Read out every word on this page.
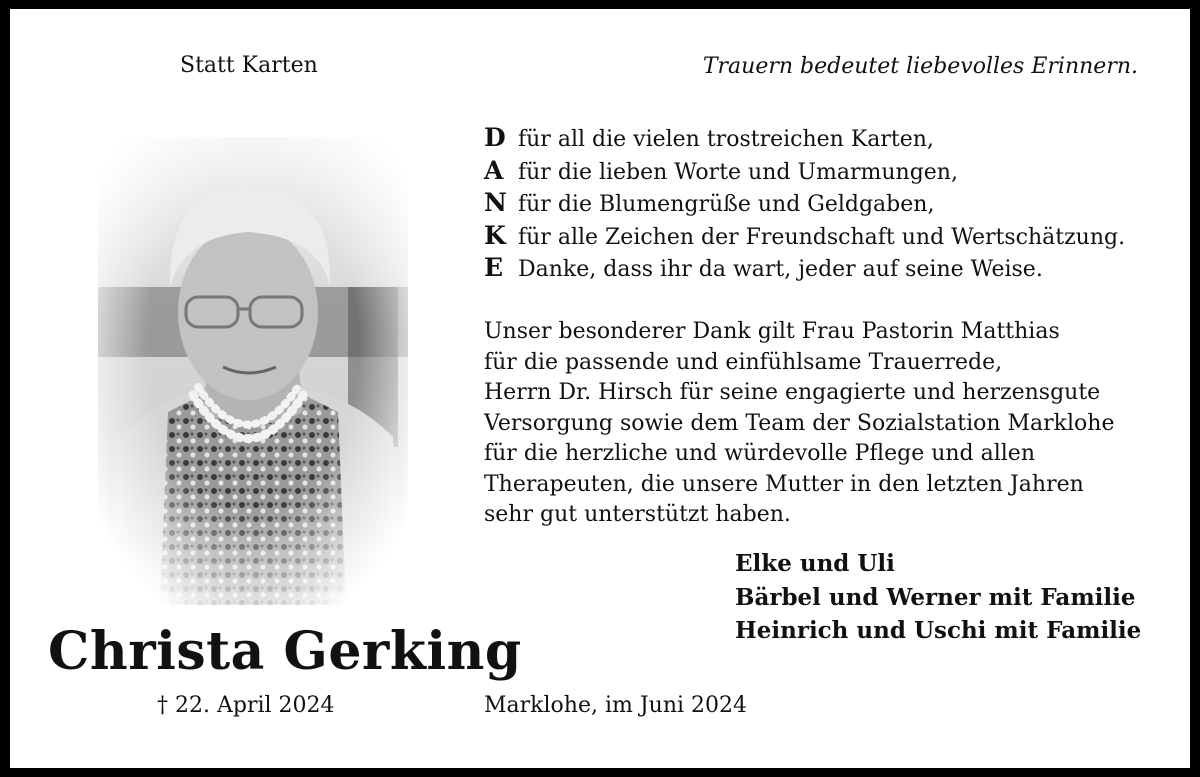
Statt Karten	Trauern bedeutet liebevolles Erinnern.
Christa Gerking
† 22. April 2024
D für all die vielen trostreichen Karten,
A für die lieben Worte und Umarmungen,
N für die Blumengrüße und Geldgaben,
K für alle Zeichen der Freundschaft und Wertschätzung.
E Danke, dass ihr da wart, jeder auf seine Weise.
Unser besonderer Dank gilt Frau Pastorin Matthias
für die passende und einfühlsame Trauerrede,
Herrn Dr. Hirsch für seine engagierte und herzensgute
Versorgung sowie dem Team der Sozialstation Marklohe
für die herzliche und würdevolle Pflege und allen
Therapeuten, die unsere Mutter in den letzten Jahren
sehr gut unterstützt haben.
Elke und Uli
Bärbel und Werner mit Familie
Heinrich und Uschi mit Familie
Marklohe, im Juni 2024
